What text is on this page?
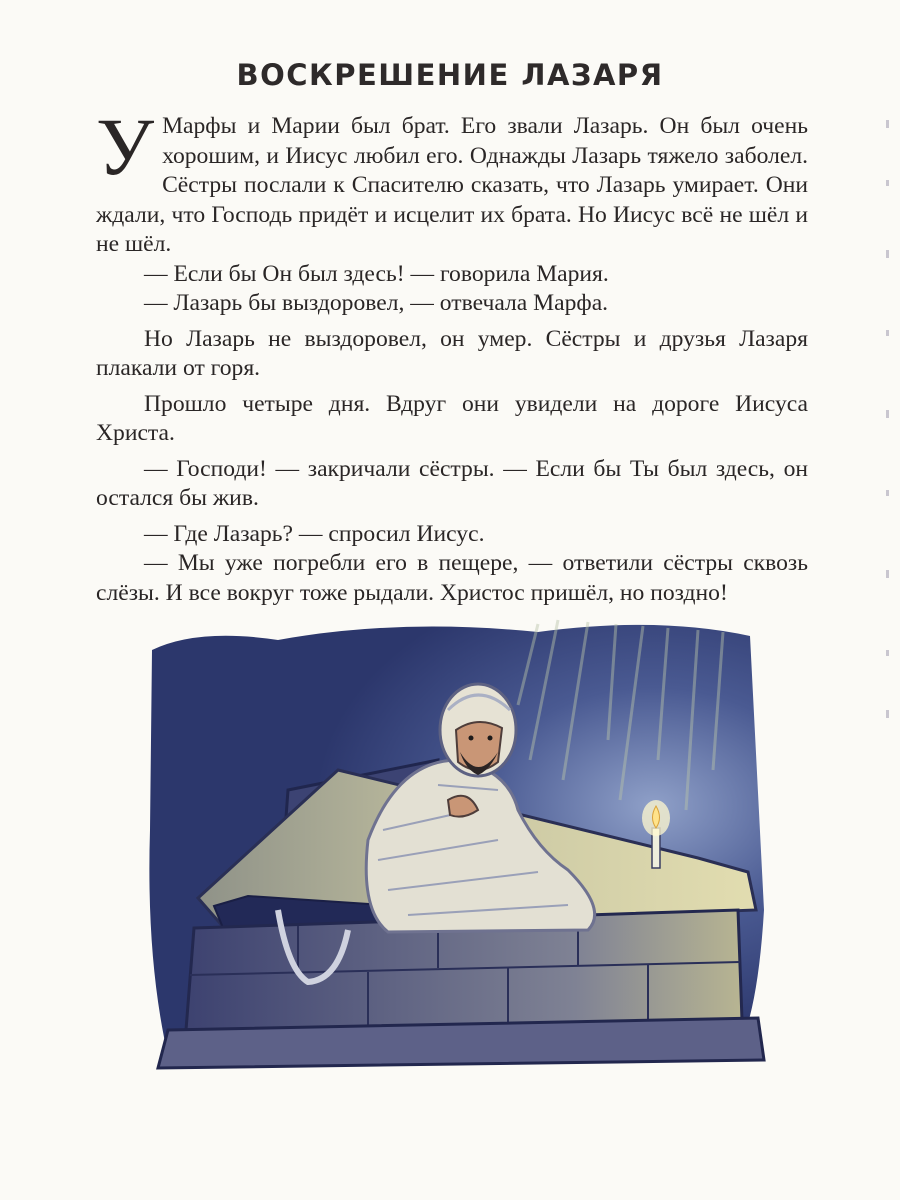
ВОСКРЕШЕНИЕ ЛАЗАРЯ

У Марфы и Марии был брат. Его звали Лазарь. Он был очень хорошим, и Иисус любил его. Однажды Лазарь тяжело заболел. Сёстры послали к Спасителю сказать, что Лазарь умирает. Они ждали, что Господь придёт и исцелит их брата. Но Иисус всё не шёл и не шёл.

— Если бы Он был здесь! — говорила Мария.

— Лазарь бы выздоровел, — отвечала Марфа.

Но Лазарь не выздоровел, он умер. Сёстры и друзья Лазаря плакали от горя.

Прошло четыре дня. Вдруг они увидели на дороге Иисуса Христа.

— Господи! — закричали сёстры. — Если бы Ты был здесь, он остался бы жив.

— Где Лазарь? — спросил Иисус.

— Мы уже погребли его в пещере, — ответили сёстры сквозь слёзы. И все вокруг тоже рыдали. Христос пришёл, но поздно!
